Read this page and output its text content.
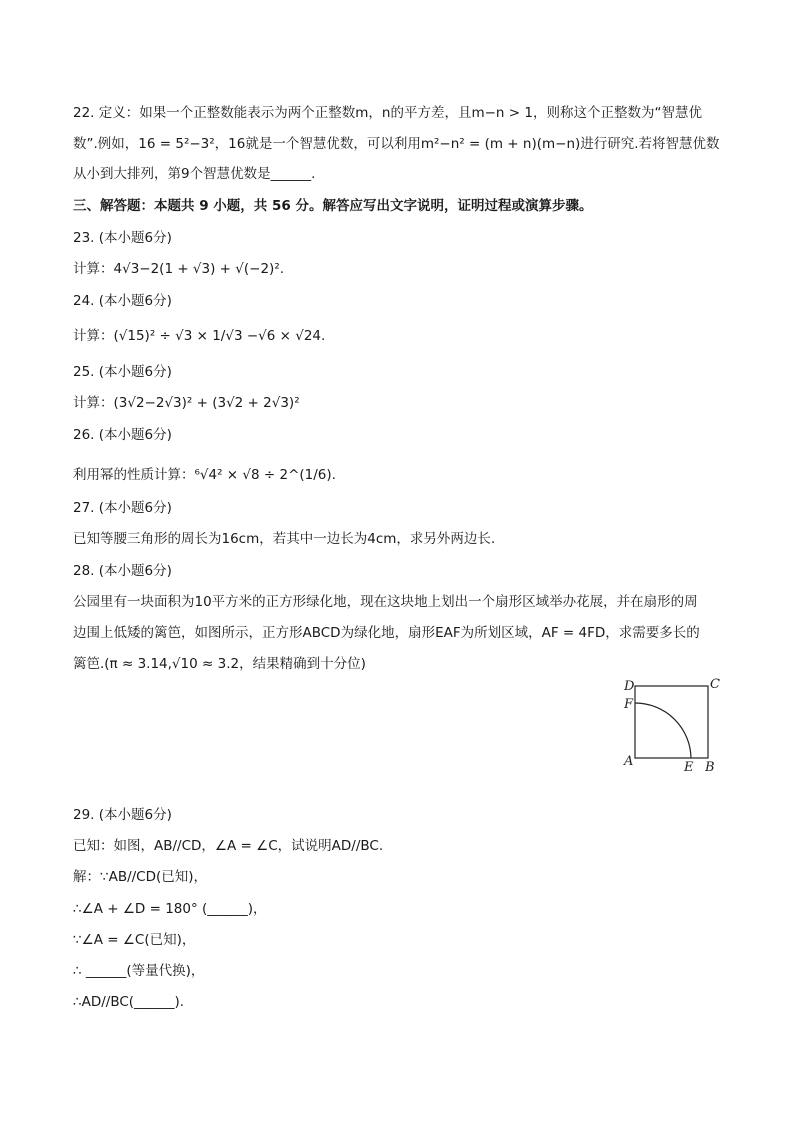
22. 定义：如果一个正整数能表示为两个正整数m，n的平方差，且m−n > 1，则称这个正整数为“智慧优
数”.例如，16 = 5²−3²，16就是一个智慧优数，可以利用m²−n² = (m + n)(m−n)进行研究.若将智慧优数
从小到大排列，第9个智慧优数是______.
三、解答题：本题共 9 小题，共 56 分。解答应写出文字说明，证明过程或演算步骤。
23. (本小题6分)
计算：4√3−2(1 + √3) + √(−2)².
24. (本小题6分)
计算：(√15)² ÷ √3 × 1/√3 −√6 × √24.
25. (本小题6分)
计算：(3√2−2√3)² + (3√2 + 2√3)²
26. (本小题6分)
利用幂的性质计算：⁶√4² × √8 ÷ 2^(1/6).
27. (本小题6分)
已知等腰三角形的周长为16cm，若其中一边长为4cm，求另外两边长.
28. (本小题6分)
公园里有一块面积为10平方米的正方形绿化地，现在这块地上划出一个扇形区域举办花展，并在扇形的周
边围上低矮的篱笆，如图所示，正方形ABCD为绿化地，扇形EAF为所划区域，AF = 4FD，求需要多长的
篱笆.(π ≈ 3.14,√10 ≈ 3.2，结果精确到十分位)
D	C
F
A	E B
29. (本小题6分)
已知：如图，AB//CD，∠A = ∠C，试说明AD//BC.
解：∵AB//CD(已知)，
∴∠A + ∠D = 180° (______)，
∵∠A = ∠C(已知)，
∴ ______(等量代换)，
∴AD//BC(______).
